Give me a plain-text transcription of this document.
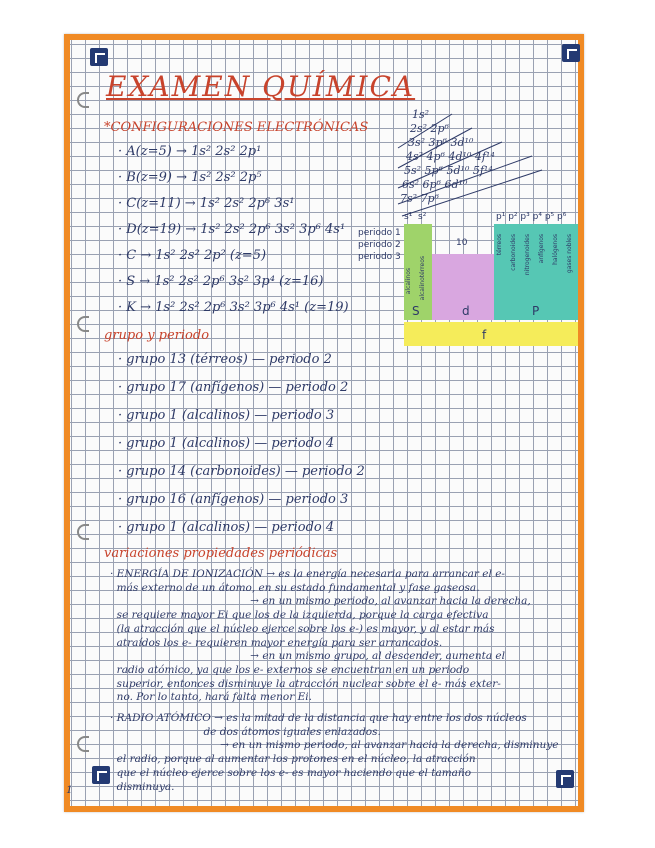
1
EXAMEN QUÍMICA
*CONFIGURACIONES ELECTRÓNICAS
· A(z=5) → 1s² 2s² 2p¹
· B(z=9) → 1s² 2s² 2p⁵
· C(z=11) → 1s² 2s² 2p⁶ 3s¹
· D(z=19) → 1s² 2s² 2p⁶ 3s² 3p⁶ 4s¹
· C → 1s² 2s² 2p² (z=5)
· S → 1s² 2s² 2p⁶ 3s² 3p⁴ (z=16)
· K → 1s² 2s² 2p⁶ 3s² 3p⁶ 4s¹ (z=19)
1s²
2s² 2p⁶
3s² 3p⁶ 3d¹⁰
4s² 4p⁶ 4d¹⁰ 4f¹⁴
5s² 5p⁶ 5d¹⁰ 5f¹⁴
6s² 6p⁶ 6d¹⁰
7s² 7p⁶
periodo 1
periodo 2
periodo 3
s¹ s²
10
p¹ p² p³ p⁴ p⁵ p⁶
S	d	P
f
alcalinos alcalinotérreos
térreos carbonoides nitrogenoides anfígenos halógenos gases nobles
grupo y periodo
· grupo 13 (térreos) — periodo 2
· grupo 17 (anfígenos) — periodo 2
· grupo 1 (alcalinos) — periodo 3
· grupo 1 (alcalinos) — periodo 4
· grupo 14 (carbonoides) — periodo 2
· grupo 16 (anfígenos) — periodo 3
· grupo 1 (alcalinos) — periodo 4
variaciones propiedades periódicas
· ENERGÍA DE IONIZACIÓN → es la energía necesaria para arrancar el e-
más externo de un átomo, en su estado fundamental y fase gaseosa.
→ en un mismo periodo, al avanzar hacia la derecha,
se requiere mayor Ei que los de la izquierda, porque la carga efectiva
(la atracción que el núcleo ejerce sobre los e-) es mayor, y al estar más
atraídos los e- requieren mayor energía para ser arrancados.
→ en un mismo grupo, al descender, aumenta el
radio atómico, ya que los e- externos se encuentran en un periodo
superior, entonces disminuye la atracción nuclear sobre el e- más exter-
no. Por lo tanto, hará falta menor Ei.
· RADIO ATÓMICO → es la mitad de la distancia que hay entre los dos núcleos
de dos átomos iguales enlazados.
→ en un mismo periodo, al avanzar hacia la derecha, disminuye
el radio, porque al aumentar los protones en el núcleo, la atracción
que el núcleo ejerce sobre los e- es mayor haciendo que el tamaño
disminuya.
